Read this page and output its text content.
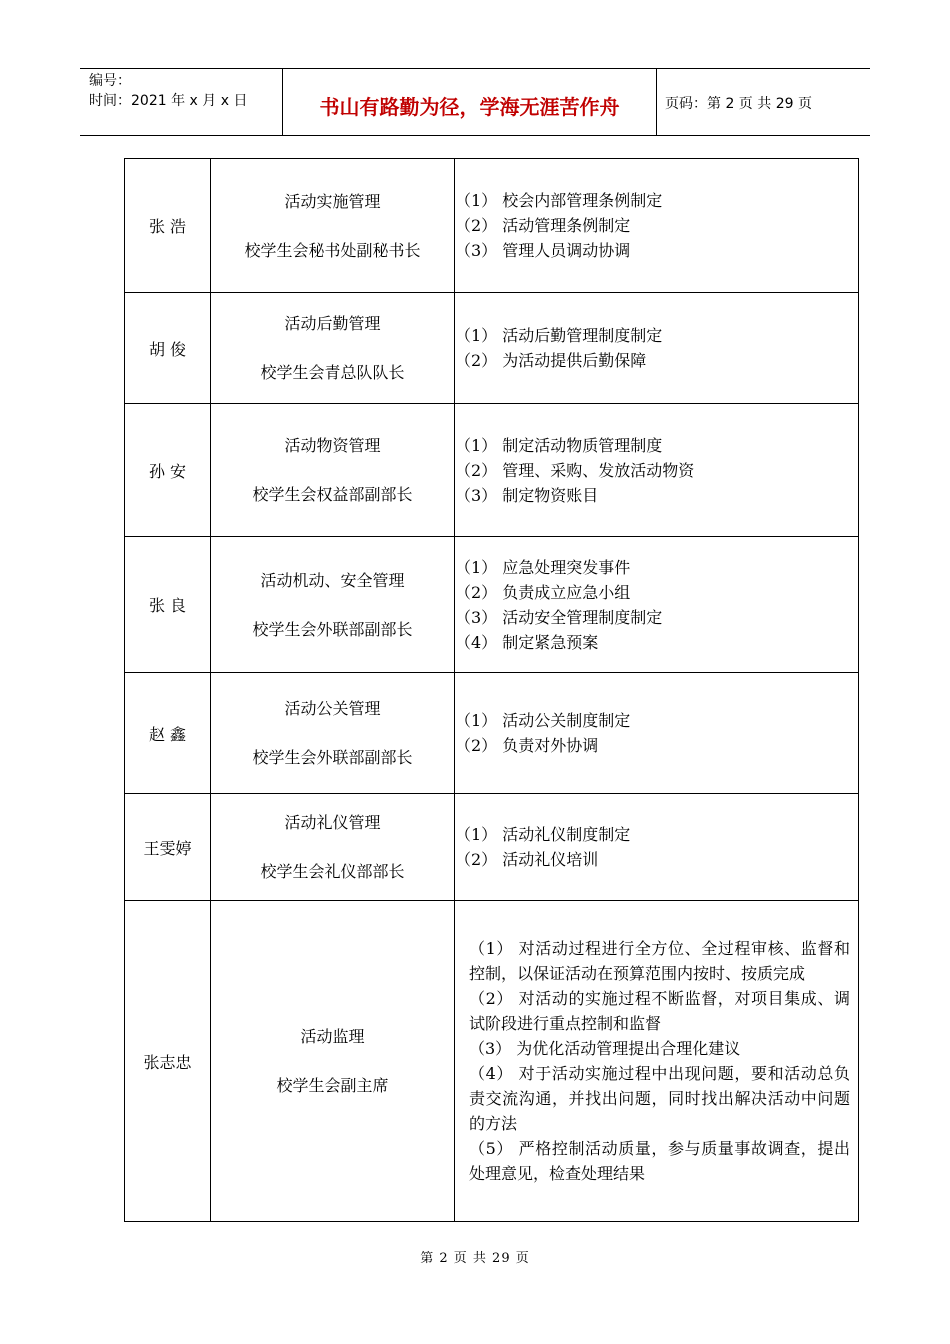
编号：
时间：2021 年 x 月 x 日	书山有路勤为径，学海无涯苦作舟	页码：第 2 页 共 29 页
张 浩	活动实施管理
校学生会秘书处副秘书长	（1） 校会内部管理条例制定
（2） 活动管理条例制定
（3） 管理人员调动协调

胡 俊	活动后勤管理
校学生会青总队队长	（1） 活动后勤管理制度制定
（2） 为活动提供后勤保障

孙 安	活动物资管理
校学生会权益部副部长	（1） 制定活动物质管理制度
（2） 管理、采购、发放活动物资
（3） 制定物资账目

张 良	活动机动、安全管理
校学生会外联部副部长	（1） 应急处理突发事件
（2） 负责成立应急小组
（3） 活动安全管理制度制定
（4） 制定紧急预案

赵 鑫	活动公关管理
校学生会外联部副部长	（1） 活动公关制度制定
（2） 负责对外协调

王雯婷	活动礼仪管理
校学生会礼仪部部长	（1） 活动礼仪制度制定
（2） 活动礼仪培训

张志忠	活动监理
校学生会副主席	（1） 对活动过程进行全方位、全过程审核、监督和控制，以保证活动在预算范围内按时、按质完成
（2） 对活动的实施过程不断监督，对项目集成、调试阶段进行重点控制和监督
（3） 为优化活动管理提出合理化建议
（4） 对于活动实施过程中出现问题，要和活动总负责交流沟通，并找出问题，同时找出解决活动中问题的方法
（5） 严格控制活动质量，参与质量事故调查，提出处理意见，检查处理结果
第 2 页 共 29 页
